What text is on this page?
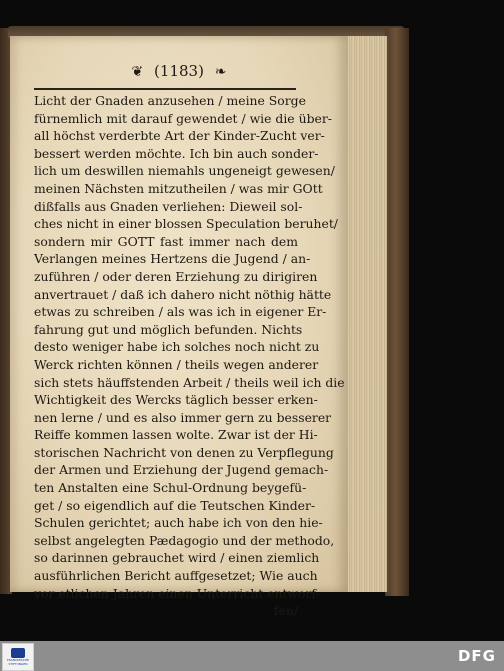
❦ (1183) ❧
Licht der Gnaden anzusehen / meine Sorge
fürnemlich mit darauf gewendet / wie die über-
all höchst verderbte Art der Kinder-Zucht ver-
bessert werden möchte. Ich bin auch sonder-
lich um deswillen niemahls ungeneigt gewesen/
meinen Nächsten mitzutheilen / was mir GOtt
dißfalls aus Gnaden verliehen: Dieweil sol-
ches nicht in einer blossen Speculation beruhet/
sondern mir GOTT fast immer nach dem
Verlangen meines Hertzens die Jugend / an-
zuführen / oder deren Erziehung zu dirigiren
anvertrauet / daß ich dahero nicht nöthig hätte
etwas zu schreiben / als was ich in eigener Er-
fahrung gut und möglich befunden. Nichts
desto weniger habe ich solches noch nicht zu
Werck richten können / theils wegen anderer
sich stets häuffstenden Arbeit / theils weil ich die
Wichtigkeit des Wercks täglich besser erken-
nen lerne / und es also immer gern zu besserer
Reiffe kommen lassen wolte. Zwar ist der Hi-
storischen Nachricht von denen zu Verpflegung
der Armen und Erziehung der Jugend gemach-
ten Anstalten eine Schul-Ordnung beygefü-
get / so eigendlich auf die Teutschen Kinder-
Schulen gerichtet; auch habe ich von den hie-
selbst angelegten Pædagogio und der methodo,
so darinnen gebrauchet wird / einen ziemlich
ausführlichen Bericht auffgesetzet; Wie auch
vor etlichen Jahren einen Unterricht entworf-
fen/
FRANCKESCHE STIFTUNGEN	DFG
